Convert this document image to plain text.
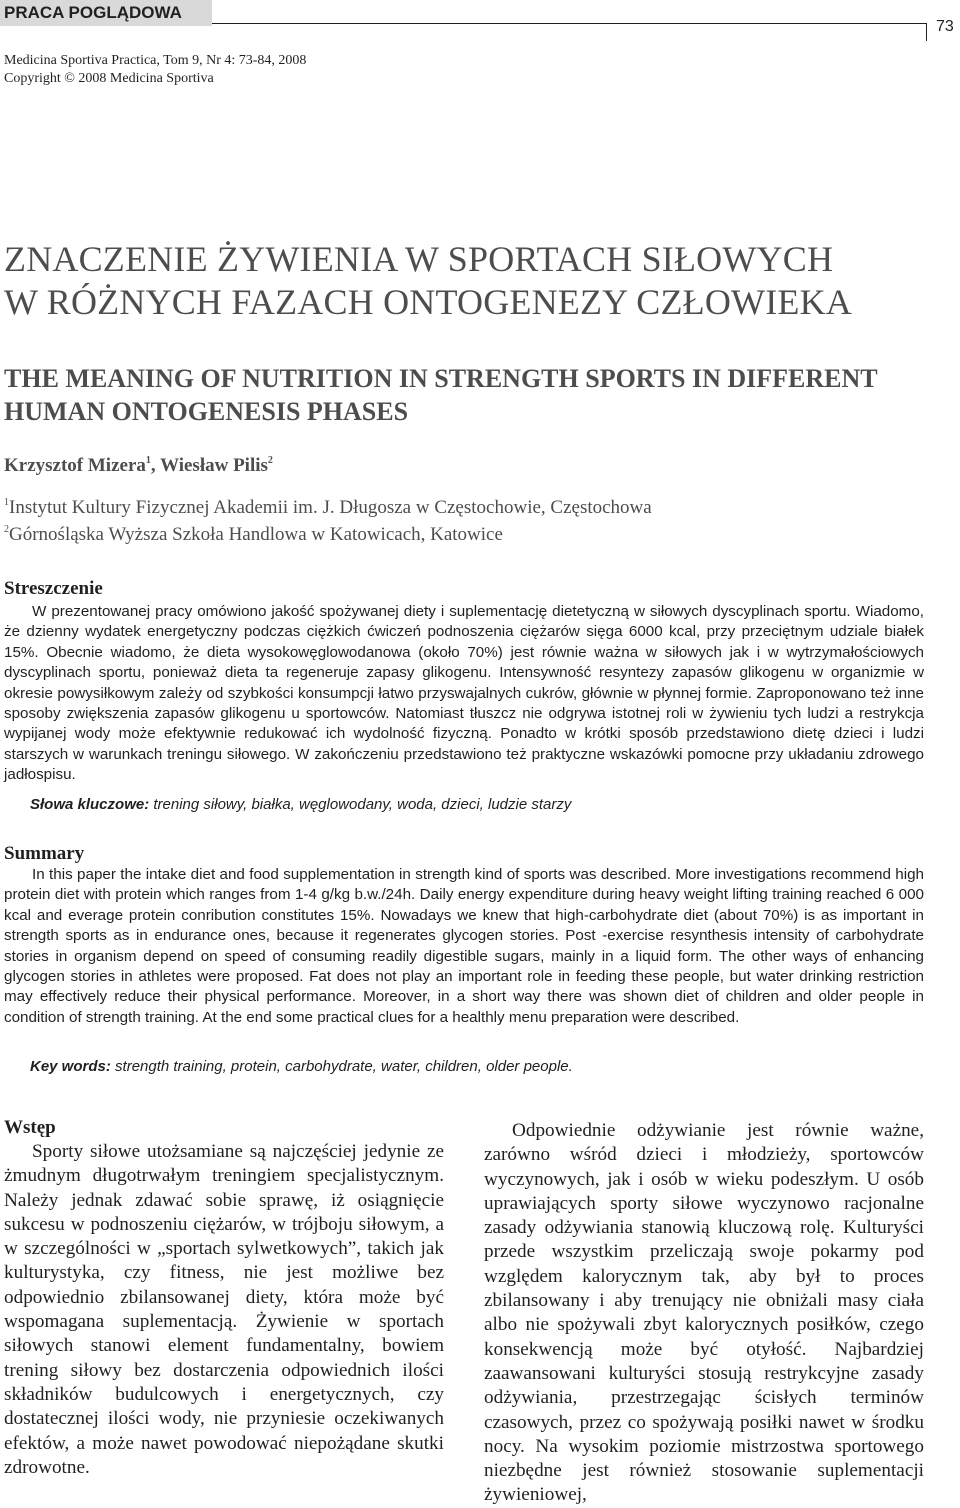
PRACA POGLĄDOWA
73
Medicina Sportiva Practica, Tom 9, Nr 4: 73-84, 2008
Copyright © 2008 Medicina Sportiva
ZNACZENIE ŻYWIENIA W SPORTACH SIŁOWYCH
W RÓŻNYCH FAZACH ONTOGENEZY CZŁOWIEKA
THE MEANING OF NUTRITION IN STRENGTH SPORTS IN DIFFERENT
HUMAN ONTOGENESIS PHASES
Krzysztof Mizera$^1$, Wiesław Pilis$^2$
$^1$Instytut Kultury Fizycznej Akademii im. J. Długosza w Częstochowie, Częstochowa
$^2$Górnośląska Wyższa Szkoła Handlowa w Katowicach, Katowice
Streszczenie
W prezentowanej pracy omówiono jakość spożywanej diety i suplementację dietetyczną w siłowych dyscyplinach sportu. Wiadomo, że dzienny wydatek energetyczny podczas ciężkich ćwiczeń podnoszenia ciężarów sięga 6000 kcal, przy przeciętnym udziale białek 15%. Obecnie wiadomo, że dieta wysokowęglowodanowa (około 70%) jest równie ważna w siłowych jak i w wytrzymałościowych dyscyplinach sportu, ponieważ dieta ta regeneruje zapasy glikogenu. Intensywność resyntezy zapasów glikogenu w organizmie w okresie powysiłkowym zależy od szybkości konsumpcji łatwo przyswajalnych cukrów, głównie w płynnej formie. Zaproponowano też inne sposoby zwiększenia zapasów glikogenu u sportowców. Natomiast tłuszcz nie odgrywa istotnej roli w żywieniu tych ludzi a restrykcja wypijanej wody może efektywnie redukować ich wydolność fizyczną. Ponadto w krótki sposób przedstawiono dietę dzieci i ludzi starszych w warunkach treningu siłowego. W zakończeniu przedstawiono też praktyczne wskazówki pomocne przy układaniu zdrowego jadłospisu.
Słowa kluczowe: trening siłowy, białka, węglowodany, woda, dzieci, ludzie starzy
Summary
In this paper the intake diet and food supplementation in strength kind of sports was described. More investigations recommend high protein diet with protein which ranges from 1-4 g/kg b.w./24h. Daily energy expenditure during heavy weight lifting training reached 6 000 kcal and everage protein conribution constitutes 15%. Nowadays we knew that high-carbohydrate diet (about 70%) is as important in strength sports as in endurance ones, because it regenerates glycogen stories. Post -exercise resynthesis intensity of carbohydrate stories in organism depend on speed of consuming readily digestible sugars, mainly in a liquid form. The other ways of enhancing glycogen stories in athletes were proposed. Fat does not play an important role in feeding these people, but water drinking restriction may effectively reduce their physical performance. Moreover, in a short way there was shown diet of children and older people in condition of strength training. At the end some practical clues for a healthly menu preparation were described.
Key words: strength training, protein, carbohydrate, water, children, older people.
Wstęp

Sporty siłowe utożsamiane są najczęściej jedynie ze żmudnym długotrwałym treningiem specjalistycznym. Należy jednak zdawać sobie sprawę, iż osiągnięcie sukcesu w podnoszeniu ciężarów, w trójboju siłowym, a w szczególności w „sportach sylwetkowych”, takich jak kulturystyka, czy fitness, nie jest możliwe bez odpowiednio zbilansowanej diety, która może być wspomagana suplementacją. Żywienie w sportach siłowych stanowi element fundamentalny, bowiem trening siłowy bez dostarczenia odpowiednich ilości składników budulcowych i energetycznych, czy dostatecznej ilości wody, nie przyniesie oczekiwanych efektów, a może nawet powodować niepożądane skutki zdrowotne.

Odpowiednie odżywianie jest równie ważne, zarówno wśród dzieci i młodzieży, sportowców wyczynowych, jak i osób w wieku podeszłym. U osób uprawiających sporty siłowe wyczynowo racjonalne zasady odżywiania stanowią kluczową rolę. Kulturyści przede wszystkim przeliczają swoje pokarmy pod względem kalorycznym tak, aby był to proces zbilansowany i aby trenujący nie obniżali masy ciała albo nie spożywali zbyt kalorycznych posiłków, czego konsekwencją może być otyłość. Najbardziej zaawansowani kulturyści stosują restrykcyjne zasady odżywiania, przestrzegając ścisłych terminów czasowych, przez co spożywają posiłki nawet w środku nocy. Na wysokim poziomie mistrzostwa sportowego niezbędne jest również stosowanie suplementacji żywieniowej,
